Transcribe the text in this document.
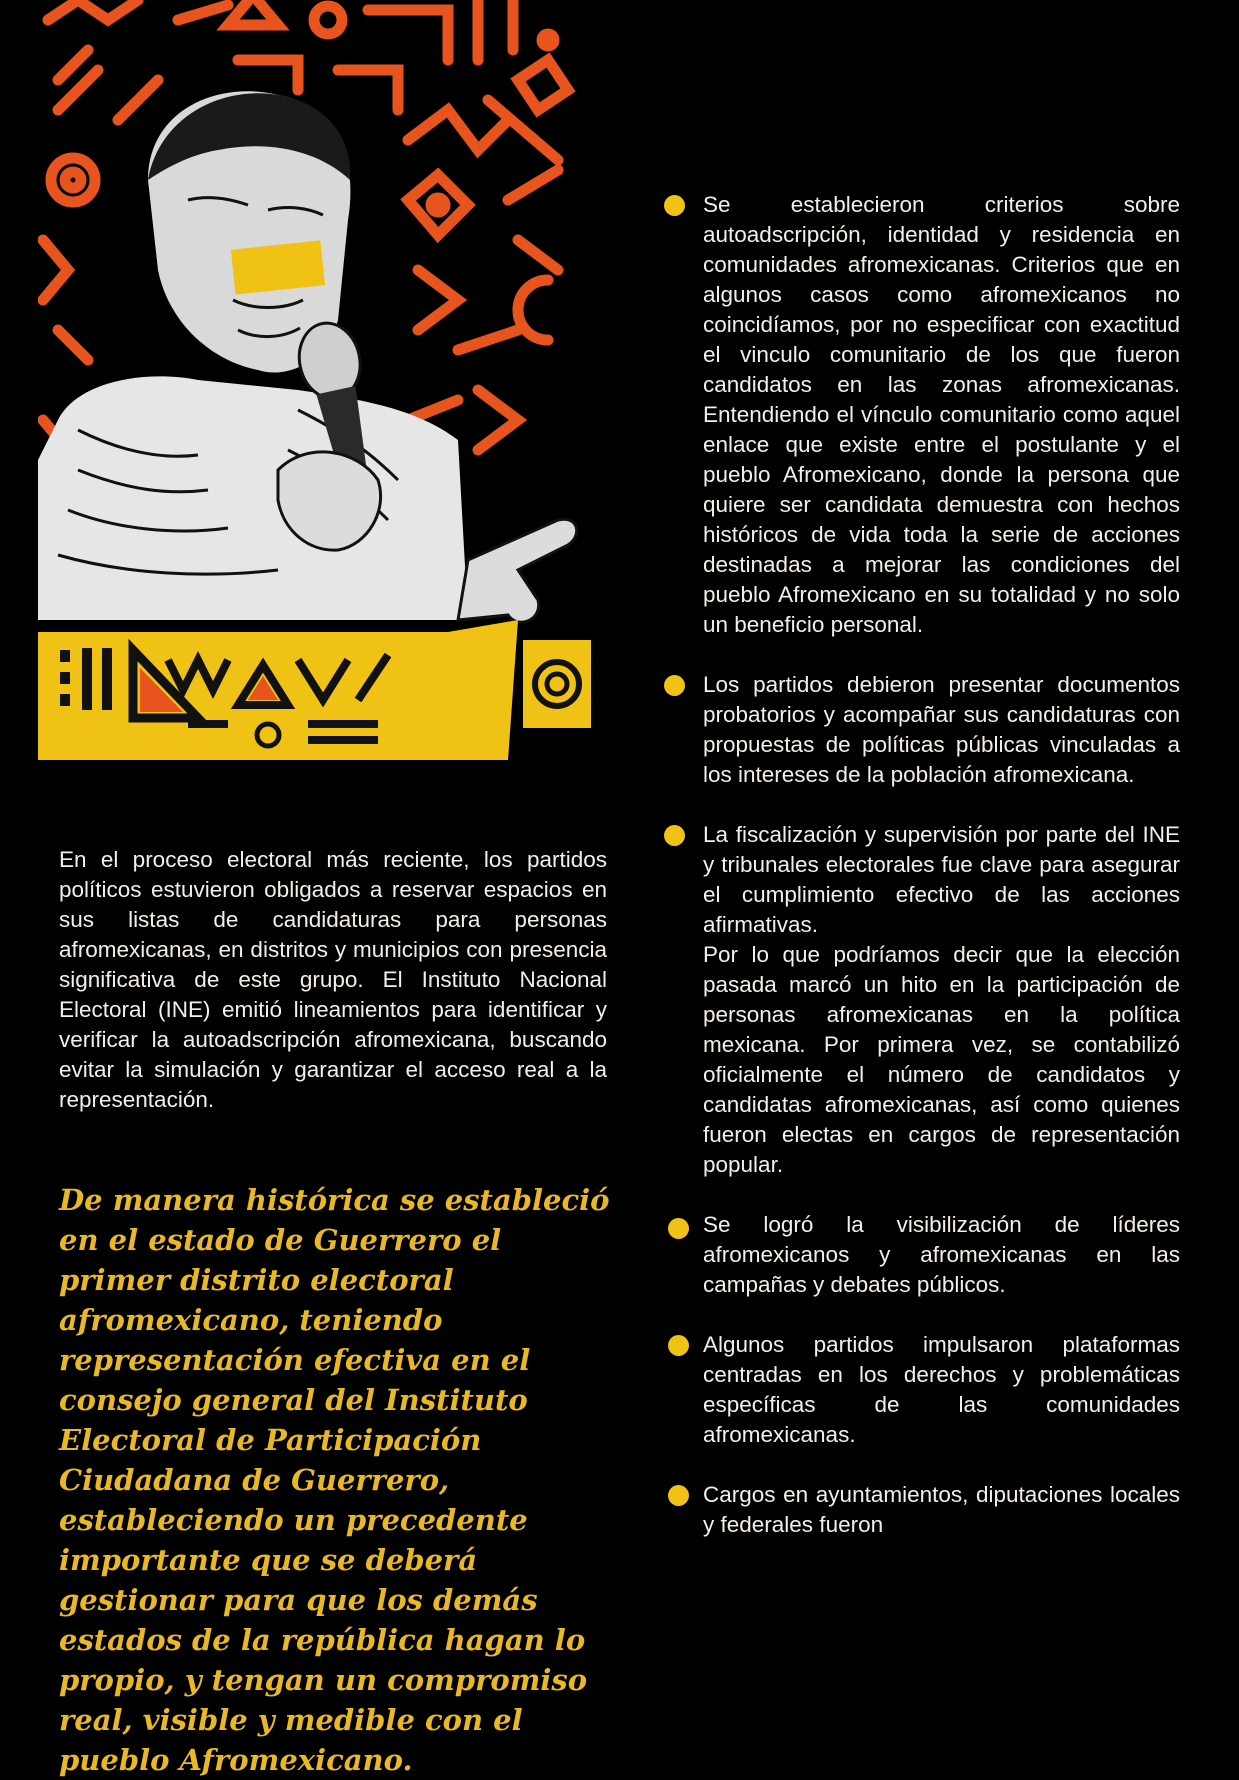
En el proceso electoral más reciente, los partidos políticos estuvieron obligados a reservar espacios en sus listas de candidaturas para personas afromexicanas, en distritos y municipios con presencia significativa de este grupo. El Instituto Nacional Electoral (INE) emitió lineamientos para identificar y verificar la autoadscripción afromexicana, buscando evitar la simulación y garantizar el acceso real a la representación.

De manera histórica se estableció en el estado de Guerrero el primer distrito electoral afromexicano, teniendo representación efectiva en el consejo general del Instituto Electoral de Participación Ciudadana de Guerrero, estableciendo un precedente importante que se deberá gestionar para que los demás estados de la república hagan lo propio, y tengan un compromiso real, visible y medible con el pueblo Afromexicano.

Se establecieron criterios sobre autoadscripción, identidad y residencia en comunidades afromexicanas. Criterios que en algunos casos como afromexicanos no coincidíamos, por no especificar con exactitud el vinculo comunitario de los que fueron candidatos en las zonas afromexicanas. Entendiendo el vínculo comunitario como aquel enlace que existe entre el postulante y el pueblo Afromexicano, donde la persona que quiere ser candidata demuestra con hechos históricos de vida toda la serie de acciones destinadas a mejorar las condiciones del pueblo Afromexicano en su totalidad y no solo un beneficio personal.

Los partidos debieron presentar documentos probatorios y acompañar sus candidaturas con propuestas de políticas públicas vinculadas a los intereses de la población afromexicana.

La fiscalización y supervisión por parte del INE y tribunales electorales fue clave para asegurar el cumplimiento efectivo de las acciones afirmativas.

Por lo que podríamos decir que la elección pasada marcó un hito en la participación de personas afromexicanas en la política mexicana. Por primera vez, se contabilizó oficialmente el número de candidatos y candidatas afromexicanas, así como quienes fueron electas en cargos de representación popular.

Se logró la visibilización de líderes afromexicanos y afromexicanas en las campañas y debates públicos.

Algunos partidos impulsaron plataformas centradas en los derechos y problemáticas específicas de las comunidades afromexicanas.

Cargos en ayuntamientos, diputaciones locales y federales fueron
